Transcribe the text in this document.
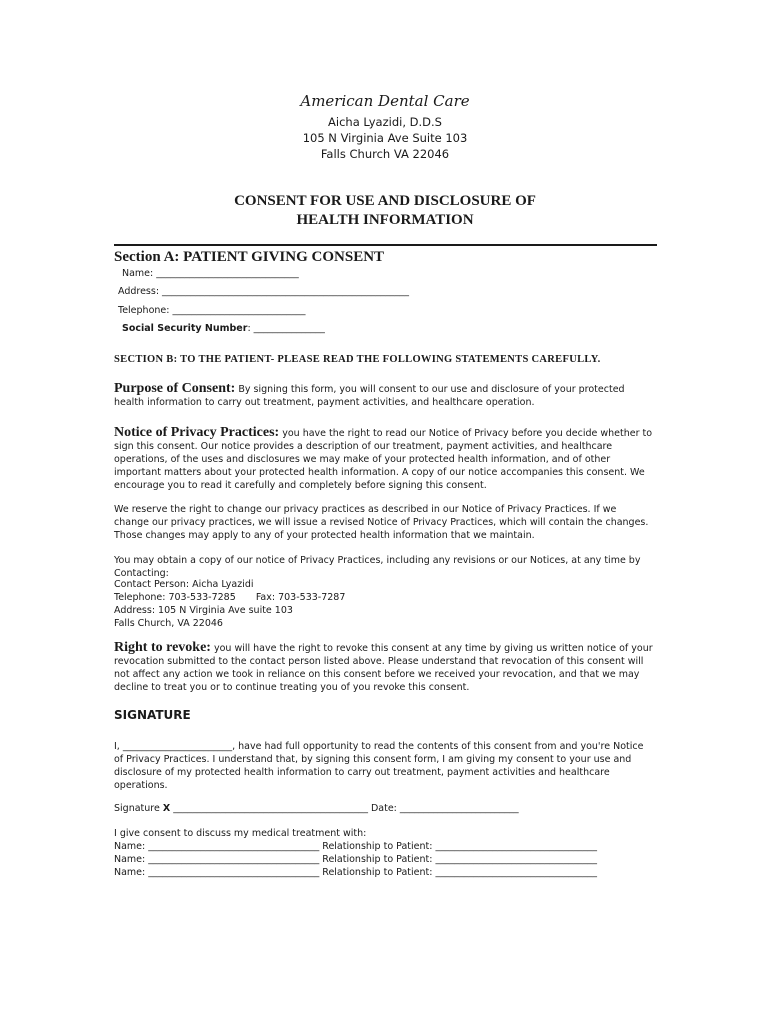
American Dental Care
Aicha Lyazidi, D.D.S
105 N Virginia Ave Suite 103
Falls Church VA 22046
CONSENT FOR USE AND DISCLOSURE OF
HEALTH INFORMATION
Section A: PATIENT GIVING CONSENT
Name: ______________________________
Address: ____________________________________________________
Telephone: ____________________________
Social Security Number: _______________
SECTION B: TO THE PATIENT- PLEASE READ THE FOLLOWING STATEMENTS CAREFULLY.
Purpose of Consent: By signing this form, you will consent to our use and disclosure of your protected health information to carry out treatment, payment activities, and healthcare operation.
Notice of Privacy Practices: you have the right to read our Notice of Privacy before you decide whether to sign this consent. Our notice provides a description of our treatment, payment activities, and healthcare operations, of the uses and disclosures we may make of your protected health information, and of other important matters about your protected health information. A copy of our notice accompanies this consent. We encourage you to read it carefully and completely before signing this consent.
We reserve the right to change our privacy practices as described in our Notice of Privacy Practices. If we change our privacy practices, we will issue a revised Notice of Privacy Practices, which will contain the changes. Those changes may apply to any of your protected health information that we maintain.
You may obtain a copy of our notice of Privacy Practices, including any revisions or our Notices, at any time by Contacting:
Contact Person: Aicha Lyazidi
Telephone: 703-533-7285 Fax: 703-533-7287
Address: 105 N Virginia Ave suite 103
Falls Church, VA 22046
Right to revoke: you will have the right to revoke this consent at any time by giving us written notice of your revocation submitted to the contact person listed above. Please understand that revocation of this consent will not affect any action we took in reliance on this consent before we received your revocation, and that we may decline to treat you or to continue treating you of you revoke this consent.
SIGNATURE
I, _______________________, have had full opportunity to read the contents of this consent from and you're Notice of Privacy Practices. I understand that, by signing this consent form, I am giving my consent to your use and disclosure of my protected health information to carry out treatment, payment activities and healthcare operations.
Signature X _________________________________________ Date: _________________________
I give consent to discuss my medical treatment with:
Name: ____________________________________ Relationship to Patient: __________________________________
Name: ____________________________________ Relationship to Patient: __________________________________
Name: ____________________________________ Relationship to Patient: __________________________________
